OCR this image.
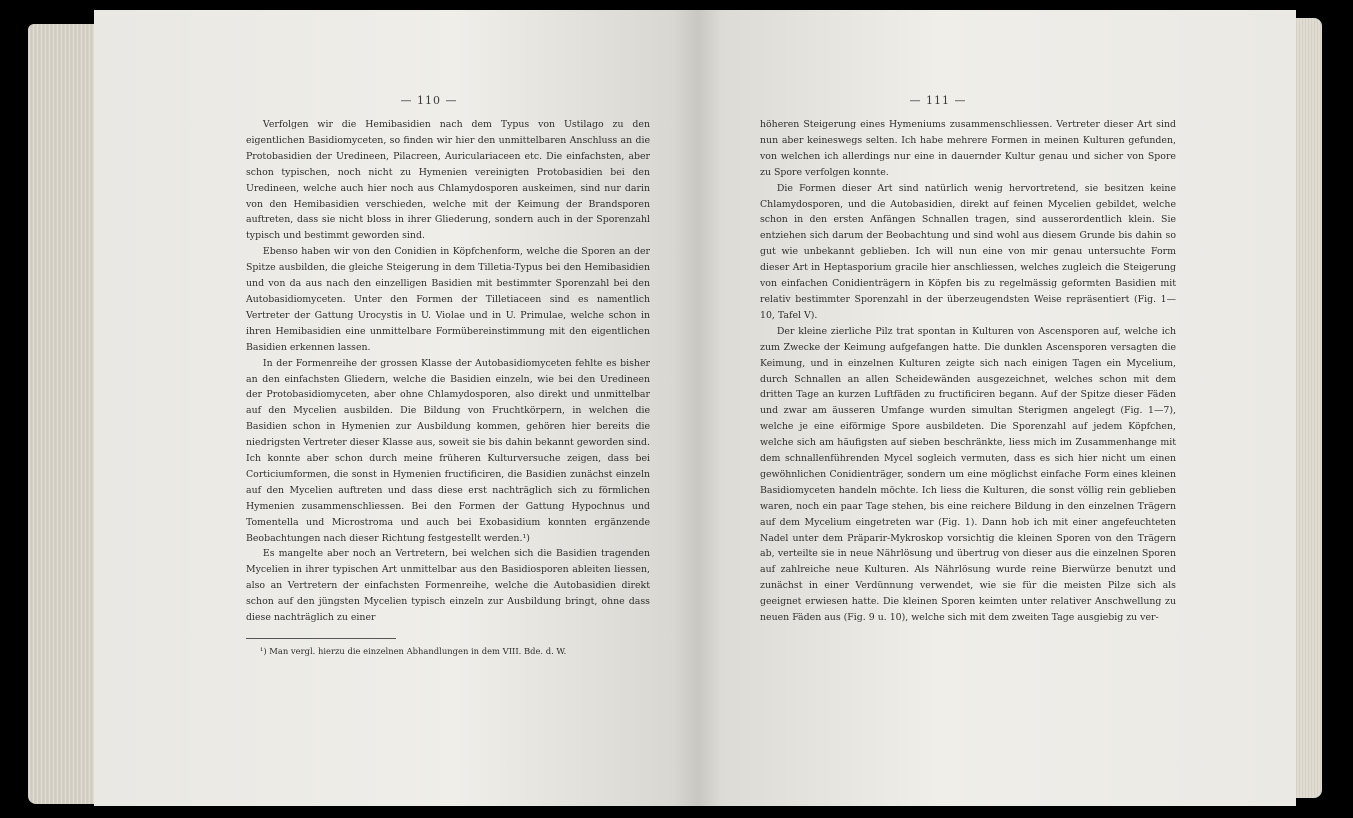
— 110 —

Verfolgen wir die Hemibasidien nach dem Typus von Ustilago zu den eigentlichen Basidiomyceten, so finden wir hier den unmittelbaren Anschluss an die Protobasidien der Uredineen, Pilacreen, Auriculariaceen etc. Die einfachsten, aber schon typischen, noch nicht zu Hymenien vereinigten Protobasidien bei den Uredineen, welche auch hier noch aus Chlamydosporen auskeimen, sind nur darin von den Hemibasidien verschieden, welche mit der Keimung der Brandsporen auftreten, dass sie nicht bloss in ihrer Gliederung, sondern auch in der Sporenzahl typisch und bestimmt geworden sind.

Ebenso haben wir von den Conidien in Köpfchenform, welche die Sporen an der Spitze ausbilden, die gleiche Steigerung in dem Tilletia-Typus bei den Hemibasidien und von da aus nach den einzelligen Basidien mit bestimmter Sporenzahl bei den Autobasidiomyceten. Unter den Formen der Tilletiaceen sind es namentlich Vertreter der Gattung Urocystis in U. Violae und in U. Primulae, welche schon in ihren Hemibasidien eine unmittelbare Formübereinstimmung mit den eigentlichen Basidien erkennen lassen.

In der Formenreihe der grossen Klasse der Autobasidiomyceten fehlte es bisher an den einfachsten Gliedern, welche die Basidien einzeln, wie bei den Uredineen der Protobasidiomyceten, aber ohne Chlamydosporen, also direkt und unmittelbar auf den Mycelien ausbilden. Die Bildung von Fruchtkörpern, in welchen die Basidien schon in Hymenien zur Ausbildung kommen, gehören hier bereits die niedrigsten Vertreter dieser Klasse aus, soweit sie bis dahin bekannt geworden sind. Ich konnte aber schon durch meine früheren Kulturversuche zeigen, dass bei Corticiumformen, die sonst in Hymenien fructificiren, die Basidien zunächst einzeln auf den Mycelien auftreten und dass diese erst nachträglich sich zu förmlichen Hymenien zusammenschliessen. Bei den Formen der Gattung Hypochnus und Tomentella und Microstroma und auch bei Exobasidium konnten ergänzende Beobachtungen nach dieser Richtung festgestellt werden.¹)

Es mangelte aber noch an Vertretern, bei welchen sich die Basidien tragenden Mycelien in ihrer typischen Art unmittelbar aus den Basidiosporen ableiten liessen, also an Vertretern der einfachsten Formenreihe, welche die Autobasidien direkt schon auf den jüngsten Mycelien typisch einzeln zur Ausbildung bringt, ohne dass diese nachträglich zu einer

¹) Man vergl. hierzu die einzelnen Abhandlungen in dem VIII. Bde. d. W.
— 111 —

höheren Steigerung eines Hymeniums zusammenschliessen. Vertreter dieser Art sind nun aber keineswegs selten. Ich habe mehrere Formen in meinen Kulturen gefunden, von welchen ich allerdings nur eine in dauernder Kultur genau und sicher von Spore zu Spore verfolgen konnte.

Die Formen dieser Art sind natürlich wenig hervortretend, sie besitzen keine Chlamydosporen, und die Autobasidien, direkt auf feinen Mycelien gebildet, welche schon in den ersten Anfängen Schnallen tragen, sind ausserordentlich klein. Sie entziehen sich darum der Beobachtung und sind wohl aus diesem Grunde bis dahin so gut wie unbekannt geblieben. Ich will nun eine von mir genau untersuchte Form dieser Art in Heptasporium gracile hier anschliessen, welches zugleich die Steigerung von einfachen Conidienträgern in Köpfen bis zu regelmässig geformten Basidien mit relativ bestimmter Sporenzahl in der überzeugendsten Weise repräsentiert (Fig. 1—10, Tafel V).

Der kleine zierliche Pilz trat spontan in Kulturen von Ascensporen auf, welche ich zum Zwecke der Keimung aufgefangen hatte. Die dunklen Ascensporen versagten die Keimung, und in einzelnen Kulturen zeigte sich nach einigen Tagen ein Mycelium, durch Schnallen an allen Scheidewänden ausgezeichnet, welches schon mit dem dritten Tage an kurzen Luftfäden zu fructificiren begann. Auf der Spitze dieser Fäden und zwar am äusseren Umfange wurden simultan Sterigmen angelegt (Fig. 1—7), welche je eine eiförmige Spore ausbildeten. Die Sporenzahl auf jedem Köpfchen, welche sich am häufigsten auf sieben beschränkte, liess mich im Zusammenhange mit dem schnallenführenden Mycel sogleich vermuten, dass es sich hier nicht um einen gewöhnlichen Conidienträger, sondern um eine möglichst einfache Form eines kleinen Basidiomyceten handeln möchte. Ich liess die Kulturen, die sonst völlig rein geblieben waren, noch ein paar Tage stehen, bis eine reichere Bildung in den einzelnen Trägern auf dem Mycelium eingetreten war (Fig. 1). Dann hob ich mit einer angefeuchteten Nadel unter dem Präparir-Mykroskop vorsichtig die kleinen Sporen von den Trägern ab, verteilte sie in neue Nährlösung und übertrug von dieser aus die einzelnen Sporen auf zahlreiche neue Kulturen. Als Nährlösung wurde reine Bierwürze benutzt und zunächst in einer Verdünnung verwendet, wie sie für die meisten Pilze sich als geeignet erwiesen hatte. Die kleinen Sporen keimten unter relativer Anschwellung zu neuen Fäden aus (Fig. 9 u. 10), welche sich mit dem zweiten Tage ausgiebig zu ver-
